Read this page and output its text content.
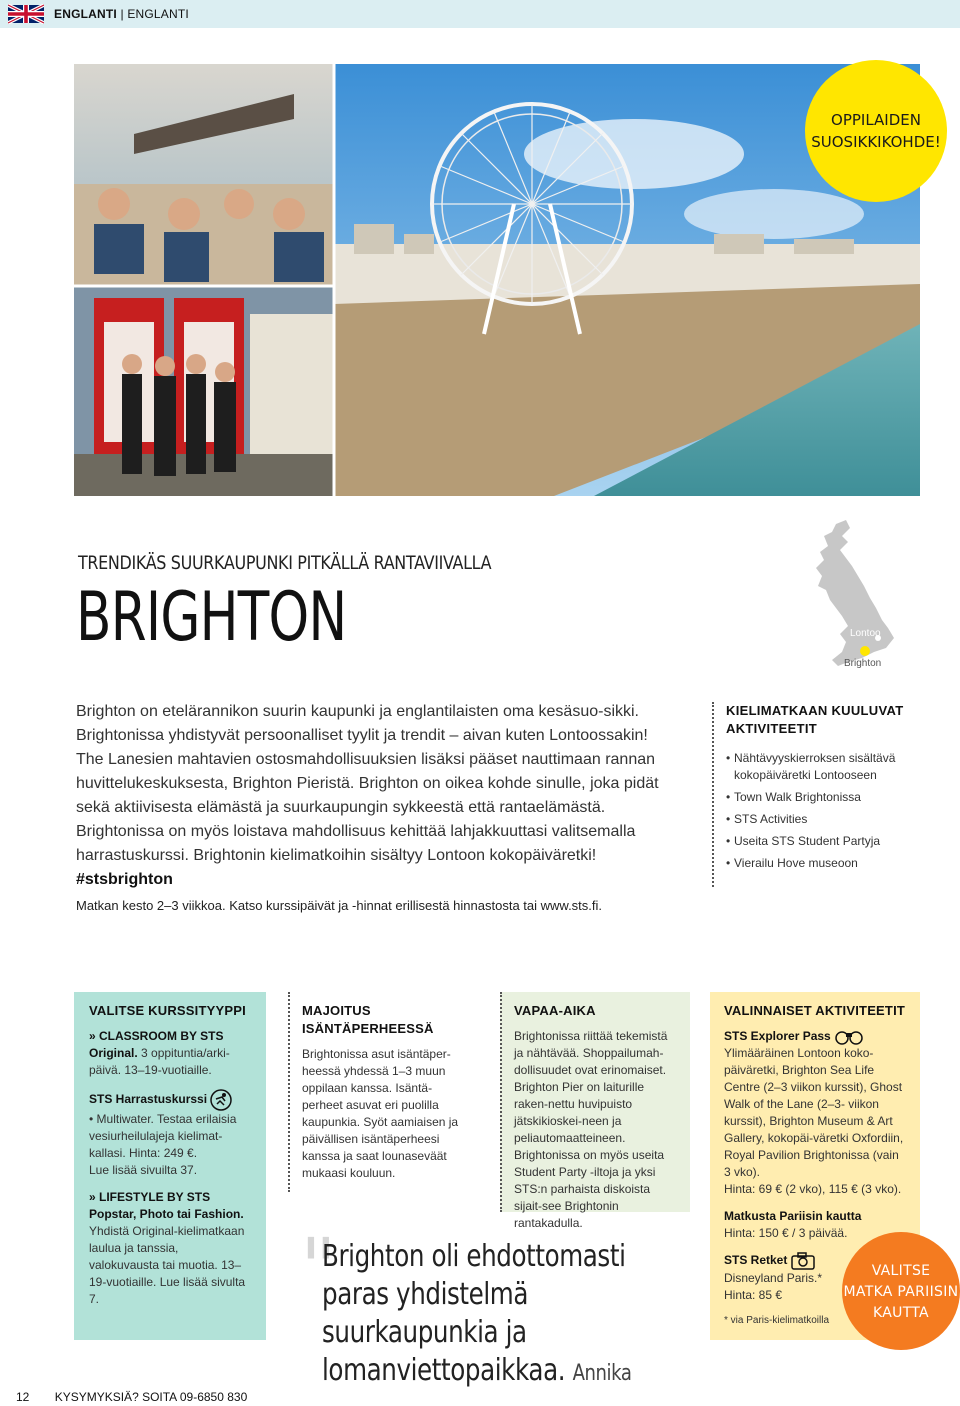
ENGLANTI | ENGLANTI
OPPILAIDEN
SUOSIKKIKOHDE!
TRENDIKÄS SUURKAUPUNKI PITKÄLLÄ RANTAVIIVALLA
BRIGHTON	Lontoo
Brighton
Brighton on etelärannikon suurin kaupunki ja englantilaisten oma kesäsuo-sikki. Brightonissa yhdistyvät persoonalliset tyylit ja trendit – aivan kuten Lontoossakin! The Lanesien mahtavien ostosmahdollisuuksien lisäksi pääset nauttimaan rannan huvittelukeskuksesta, Brighton Pieristä. Brighton on oikea kohde sinulle, joka pidät sekä aktiivisesta elämästä ja suurkaupungin sykkeestä että rantaelämästä. Brightonissa on myös loistava mahdollisuus kehittää lahjakkuuttasi valitsemalla harrastuskurssi. Brightonin kielimatkoihin sisältyy Lontoon kokopäiväretki! #stsbrighton
Matkan kesto 2–3 viikkoa. Katso kurssipäivät ja -hinnat erillisestä hinnastosta tai www.sts.fi.
KIELIMATKAAN KUULUVAT AKTIVITEETIT
• Nähtävyyskierroksen sisältävä kokopäiväretki Lontooseen
• Town Walk Brightonissa
• STS Activities
• Useita STS Student Partyja
• Vierailu Hove museoon
VALITSE KURSSITYYPPI
» CLASSROOM BY STS
Original. 3 oppituntia/arki-päivä. 13–19-vuotiaille.
STS Harrastuskurssi
• Multiwater. Testaa erilaisia vesiurheilulajeja kielimat-kallasi. Hinta: 249 €.
Lue lisää sivuilta 37.
» LIFESTYLE BY STS
Popstar, Photo tai Fashion. Yhdistä Original-kielimatkaan laulua ja tanssia, valokuvausta tai muotia. 13–19-vuotiaille. Lue lisää sivulta 7.
MAJOITUS ISÄNTÄPERHEESSÄ
Brightonissa asut isäntäper-heessä yhdessä 1–3 muun oppilaan kanssa. Isäntä-perheet asuvat eri puolilla kaupunkia. Syöt aamiaisen ja päivällisen isäntäperheesi kanssa ja saat lounaseväät mukaasi kouluun.
VAPAA-AIKA
Brightonissa riittää tekemistä ja nähtävää. Shoppailumah-dollisuudet ovat erinomaiset. Brighton Pier on laiturille raken-nettu huvipuisto jätskikioskei-neen ja peliautomaatteineen. Brightonissa on myös useita Student Party -iltoja ja yksi STS:n parhaista diskoista sijait-see Brightonin rantakadulla.
VALINNAISET AKTIVITEETIT
STS Explorer Pass
Ylimääräinen Lontoon koko-päiväretki, Brighton Sea Life Centre (2–3 viikon kurssit), Ghost Walk of the Lane (2–3- viikon kurssit), Brighton Museum & Art Gallery, kokopäi-väretki Oxfordiin, Royal Pavilion Brightonissa (vain 3 vko).
Hinta: 69 € (2 vko), 115 € (3 vko).
Matkusta Pariisin kautta
Hinta: 150 € / 3 päivää.
STS Retket
Disneyland Paris.*
Hinta: 85 €
* via Paris-kielimatkoilla
"
Brighton oli ehdottomasti paras yhdistelmä suurkaupunkia ja lomanviettopaikkaa. Annika
VALITSE
MATKA PARIISIN
KAUTTA
12 KYSYMYKSIÄ? SOITA 09-6850 830
